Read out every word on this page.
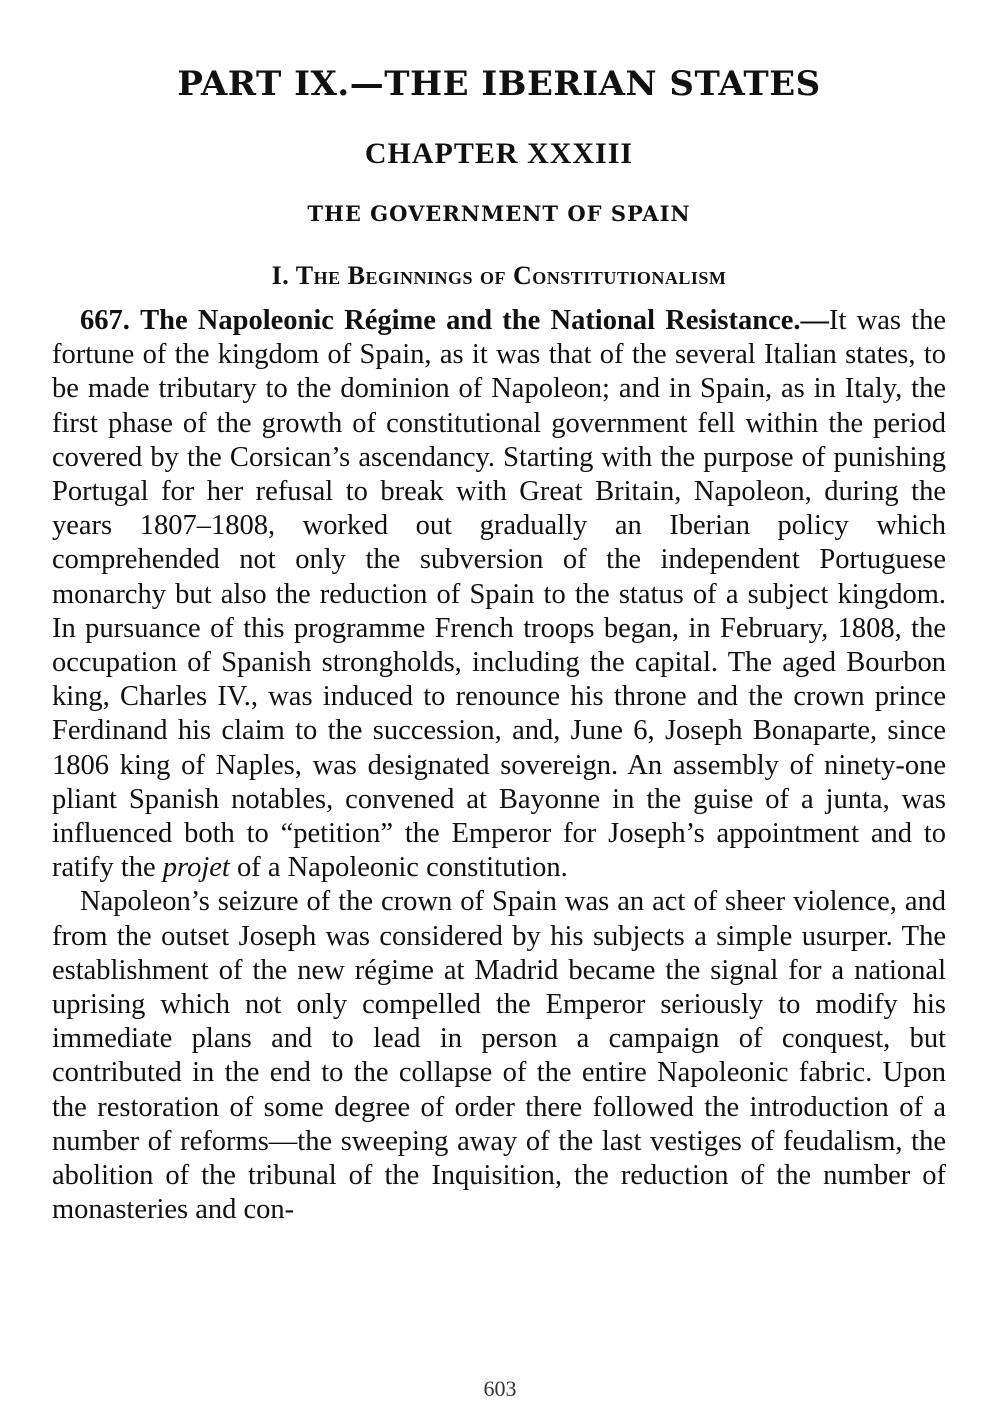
PART IX.—THE IBERIAN STATES
CHAPTER XXXIII
THE GOVERNMENT OF SPAIN
I. The Beginnings of Constitutionalism

667. The Napoleonic Régime and the National Resistance.—It was the fortune of the kingdom of Spain, as it was that of the several Italian states, to be made tributary to the dominion of Napoleon; and in Spain, as in Italy, the first phase of the growth of constitutional government fell within the period covered by the Corsican’s ascendancy. Starting with the purpose of punishing Portugal for her refusal to break with Great Britain, Napoleon, during the years 1807–1808, worked out gradually an Iberian policy which comprehended not only the subversion of the independent Portuguese monarchy but also the reduction of Spain to the status of a subject kingdom. In pursuance of this programme French troops began, in February, 1808, the occupation of Spanish strongholds, including the capital. The aged Bourbon king, Charles IV., was induced to renounce his throne and the crown prince Ferdinand his claim to the succession, and, June 6, Joseph Bonaparte, since 1806 king of Naples, was designated sovereign. An assembly of ninety-one pliant Spanish notables, convened at Bayonne in the guise of a junta, was influenced both to “petition” the Emperor for Joseph’s appointment and to ratify the projet of a Napoleonic constitution.

Napoleon’s seizure of the crown of Spain was an act of sheer violence, and from the outset Joseph was considered by his subjects a simple usurper. The establishment of the new régime at Madrid became the signal for a national uprising which not only compelled the Emperor seriously to modify his immediate plans and to lead in person a campaign of conquest, but contributed in the end to the collapse of the entire Napoleonic fabric. Upon the restoration of some degree of order there followed the introduction of a number of reforms—the sweeping away of the last vestiges of feudalism, the abolition of the tribunal of the Inquisition, the reduction of the number of monasteries and con-

603
